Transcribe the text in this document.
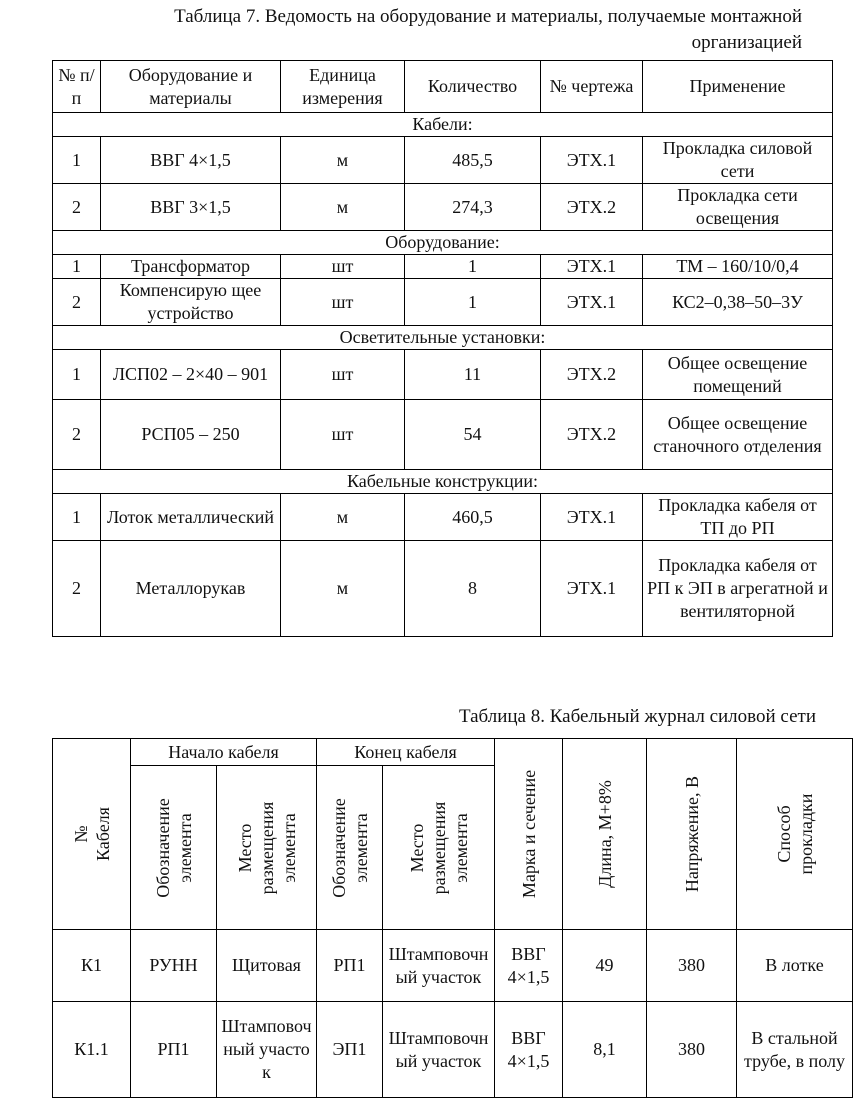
Таблица 7. Ведомость на оборудование и материалы, получаемые монтажной
организацией
№ п/п	Оборудование и материалы	Единица измерения	Количество	№ чертежа	Применение
Кабели:					
1	ВВГ 4×1,5	м	485,5	ЭТХ.1	Прокладка силовой сети
2	ВВГ 3×1,5	м	274,3	ЭТХ.2	Прокладка сети освещения
Оборудование:					
1	Трансформатор	шт	1	ЭТХ.1	ТМ – 160/10/0,4
2	Компенсирую щее устройство	шт	1	ЭТХ.1	КС2–0,38–50–3У
Осветительные установки:					
1	ЛСП02 – 2×40 – 901	шт	11	ЭТХ.2	Общее освещение помещений
2	РСП05 – 250	шт	54	ЭТХ.2	Общее освещение станочного отделения
Кабельные конструкции:					
1	Лоток металлический	м	460,5	ЭТХ.1	Прокладка кабеля от ТП до РП
2	Металлорукав	м	8	ЭТХ.1	Прокладка кабеля от РП к ЭП в агрегатной и вентиляторной
Таблица 8. Кабельный журнал силовой сети
№ Кабеля	Начало кабеля		Конец кабеля		Марка и сечение	Длина, М+8%	Напряжение, В	Способ прокладки

	Обозначение элемента	Место размещения элемента	Обозначение элемента	Место размещения элемента				

К1	РУНН	Щитовая	РП1	Штамповочный участок	ВВГ 4×1,5	49	380	В лотке
К1.1	РП1	Штамповочный участок	ЭП1	Штамповочный участок	ВВГ 4×1,5	8,1	380	В стальной трубе, в полу
